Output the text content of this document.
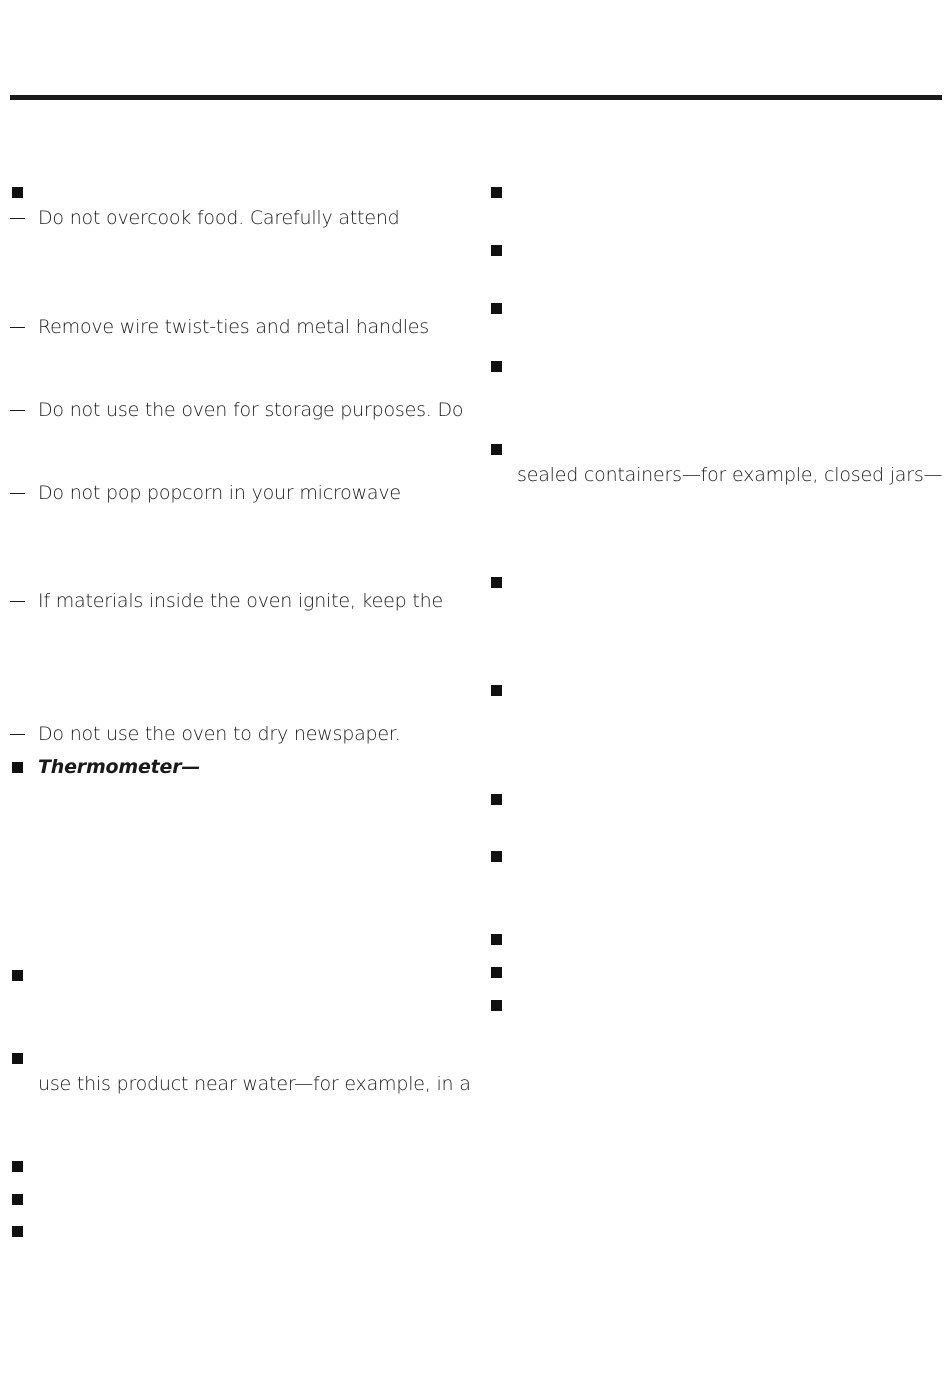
Do not overcook food. Carefully attend
Remove wire twist-ties and metal handles
Do not use the oven for storage purposes. Do
Do not pop popcorn in your microwave
If materials inside the oven ignite, keep the
Do not use the oven to dry newspaper.
Thermometer—
use this product near water—for example, in a
sealed containers—for example, closed jars—
